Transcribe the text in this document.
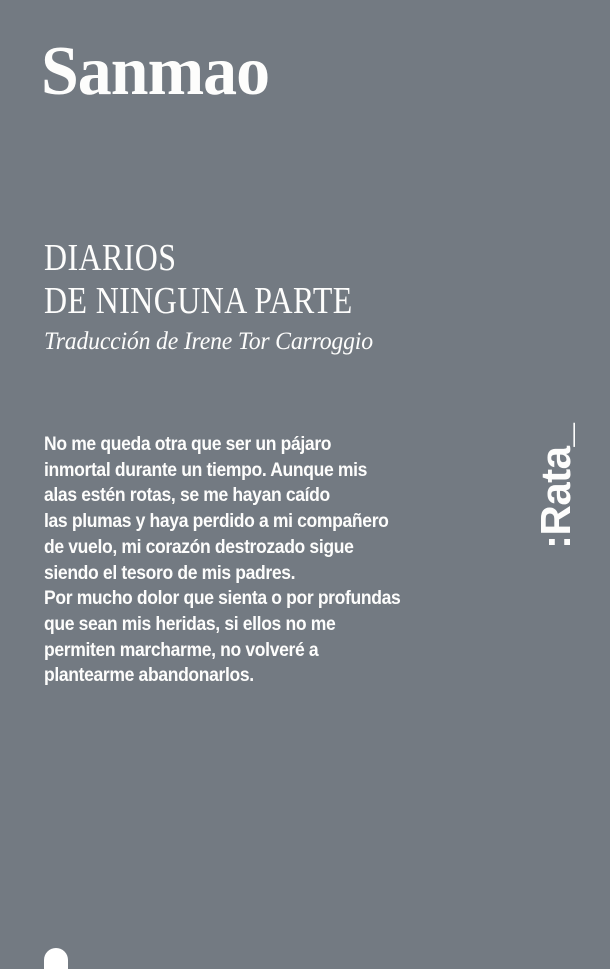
Sanmao
DIARIOS
DE NINGUNA PARTE
Traducción de Irene Tor Carroggio
No me queda otra que ser un pájaro
inmortal durante un tiempo. Aunque mis
alas estén rotas, se me hayan caído
las plumas y haya perdido a mi compañero
de vuelo, mi corazón destrozado sigue
siendo el tesoro de mis padres.
Por mucho dolor que sienta o por profundas
que sean mis heridas, si ellos no me
permiten marcharme, no volveré a
plantearme abandonarlos.
:Rata_
